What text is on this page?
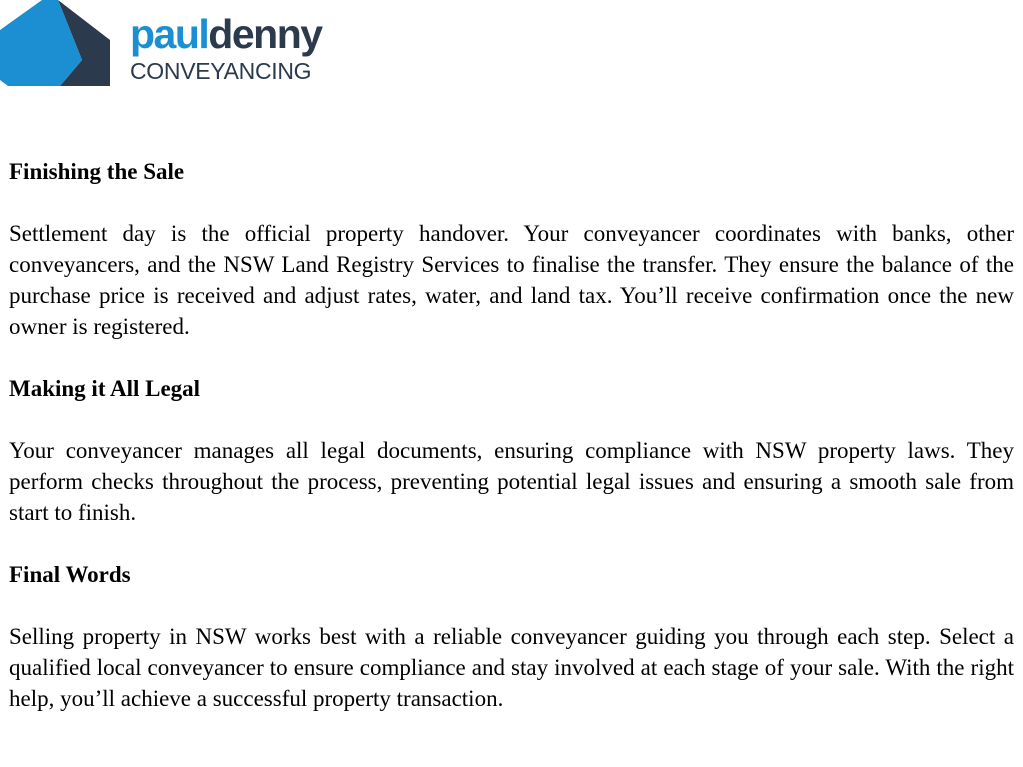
pauldenny
CONVEYANCING
Finishing the Sale

Settlement day is the official property handover. Your conveyancer coordinates with banks, other conveyancers, and the NSW Land Registry Services to finalise the transfer. They ensure the balance of the purchase price is received and adjust rates, water, and land tax. You’ll receive confirmation once the new owner is registered.

Making it All Legal

Your conveyancer manages all legal documents, ensuring compliance with NSW property laws. They perform checks throughout the process, preventing potential legal issues and ensuring a smooth sale from start to finish.

Final Words

Selling property in NSW works best with a reliable conveyancer guiding you through each step. Select a qualified local conveyancer to ensure compliance and stay involved at each stage of your sale. With the right help, you’ll achieve a successful property transaction.
